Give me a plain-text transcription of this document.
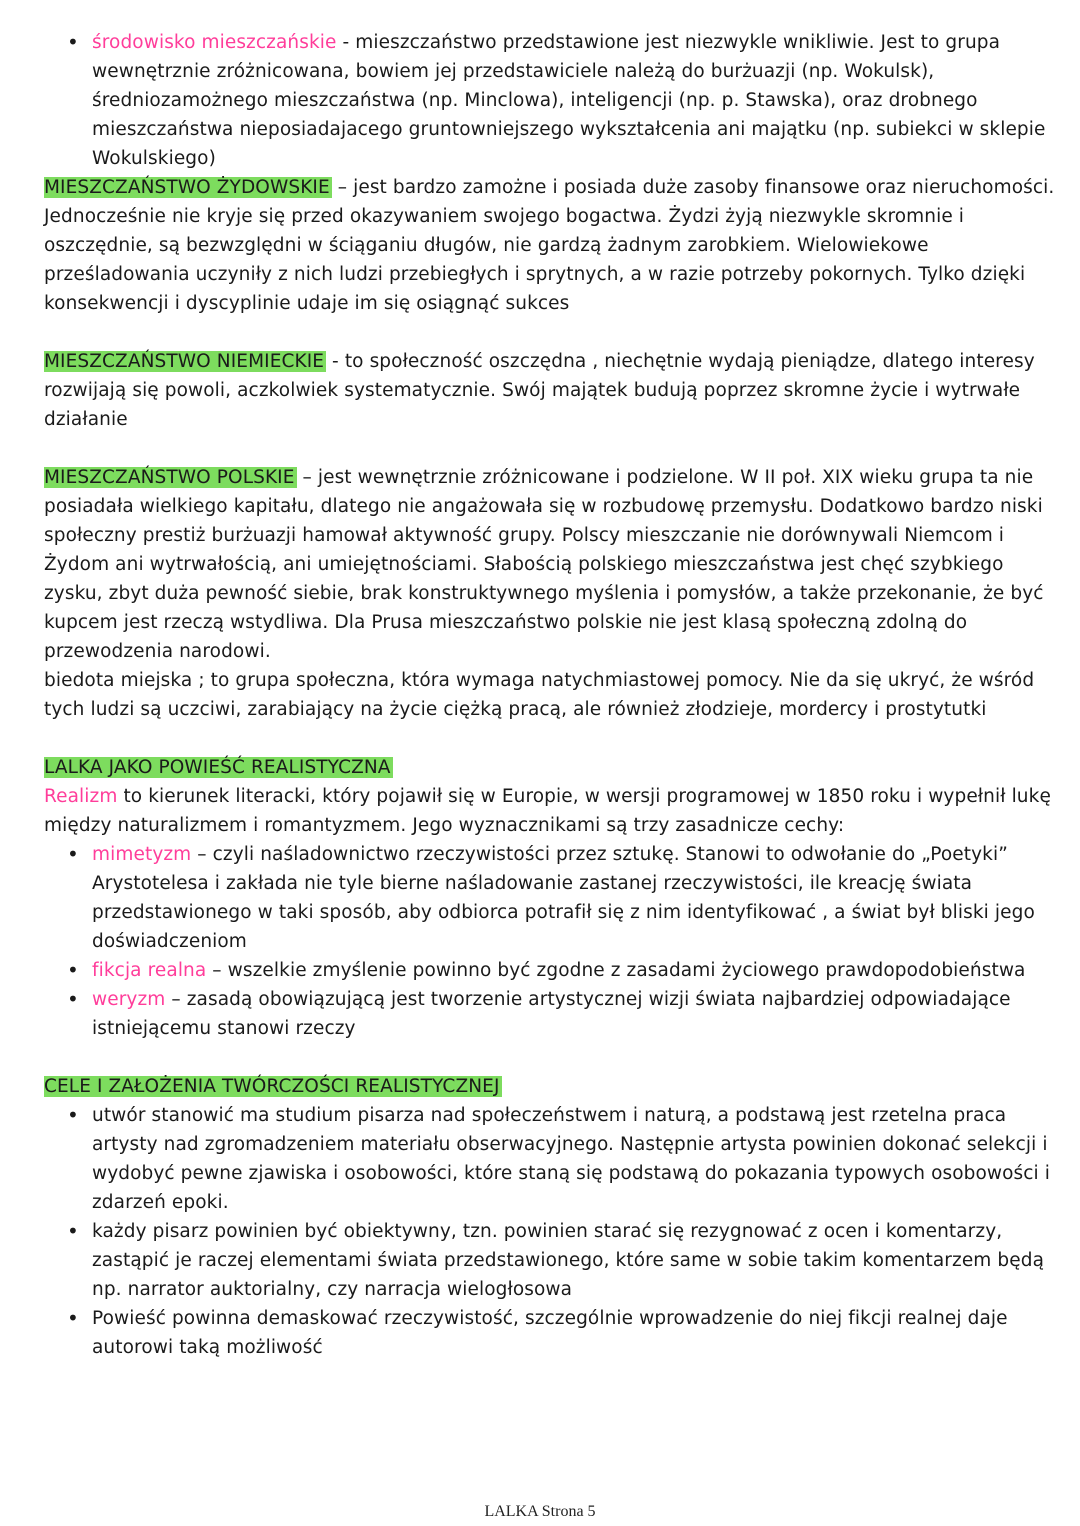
• środowisko mieszczańskie - mieszczaństwo przedstawione jest niezwykle wnikliwie. Jest to grupa wewnętrznie zróżnicowana, bowiem jej przedstawiciele należą do burżuazji (np. Wokulsk), średniozamożnego mieszczaństwa (np. Minclowa), inteligencji (np. p. Stawska), oraz drobnego mieszczaństwa nieposiadajacego gruntowniejszego wykształcenia ani majątku (np. subiekci w sklepie Wokulskiego)

MIESZCZAŃSTWO ŻYDOWSKIE – jest bardzo zamożne i posiada duże zasoby finansowe oraz nieruchomości. Jednocześnie nie kryje się przed okazywaniem swojego bogactwa. Żydzi żyją niezwykle skromnie i oszczędnie, są bezwzględni w ściąganiu długów, nie gardzą żadnym zarobkiem. Wielowiekowe prześladowania uczyniły z nich ludzi przebiegłych i sprytnych, a w razie potrzeby pokornych. Tylko dzięki konsekwencji i dyscyplinie udaje im się osiągnąć sukces

MIESZCZAŃSTWO NIEMIECKIE - to społeczność oszczędna , niechętnie wydają pieniądze, dlatego interesy rozwijają się powoli, aczkolwiek systematycznie. Swój majątek budują poprzez skromne życie i wytrwałe działanie

MIESZCZAŃSTWO POLSKIE – jest wewnętrznie zróżnicowane i podzielone. W II poł. XIX wieku grupa ta nie posiadała wielkiego kapitału, dlatego nie angażowała się w rozbudowę przemysłu. Dodatkowo bardzo niski społeczny prestiż burżuazji hamował aktywność grupy. Polscy mieszczanie nie dorównywali Niemcom i Żydom ani wytrwałością, ani umiejętnościami. Słabością polskiego mieszczaństwa jest chęć szybkiego zysku, zbyt duża pewność siebie, brak konstruktywnego myślenia i pomysłów, a także przekonanie, że być kupcem jest rzeczą wstydliwa. Dla Prusa mieszczaństwo polskie nie jest klasą społeczną zdolną do przewodzenia narodowi.

biedota miejska ; to grupa społeczna, która wymaga natychmiastowej pomocy. Nie da się ukryć, że wśród tych ludzi są uczciwi, zarabiający na życie ciężką pracą, ale również złodzieje, mordercy i prostytutki

LALKA JAKO POWIEŚĆ REALISTYCZNA

Realizm to kierunek literacki, który pojawił się w Europie, w wersji programowej w 1850 roku i wypełnił lukę między naturalizmem i romantyzmem. Jego wyznacznikami są trzy zasadnicze cechy:

• mimetyzm – czyli naśladownictwo rzeczywistości przez sztukę. Stanowi to odwołanie do „Poetyki” Arystotelesa i zakłada nie tyle bierne naśladowanie zastanej rzeczywistości, ile kreację świata przedstawionego w taki sposób, aby odbiorca potrafił się z nim identyfikować , a świat był bliski jego doświadczeniom
• fikcja realna – wszelkie zmyślenie powinno być zgodne z zasadami życiowego prawdopodobieństwa
• weryzm – zasadą obowiązującą jest tworzenie artystycznej wizji świata najbardziej odpowiadające istniejącemu stanowi rzeczy

CELE I ZAŁOŻENIA TWÓRCZOŚCI REALISTYCZNEJ

• utwór stanowić ma studium pisarza nad społeczeństwem i naturą, a podstawą jest rzetelna praca artysty nad zgromadzeniem materiału obserwacyjnego. Następnie artysta powinien dokonać selekcji i wydobyć pewne zjawiska i osobowości, które staną się podstawą do pokazania typowych osobowości i zdarzeń epoki.
• każdy pisarz powinien być obiektywny, tzn. powinien starać się rezygnować z ocen i komentarzy, zastąpić je raczej elementami świata przedstawionego, które same w sobie takim komentarzem będą np. narrator auktorialny, czy narracja wielogłosowa
• Powieść powinna demaskować rzeczywistość, szczególnie wprowadzenie do niej fikcji realnej daje autorowi taką możliwość
LALKA Strona 5
